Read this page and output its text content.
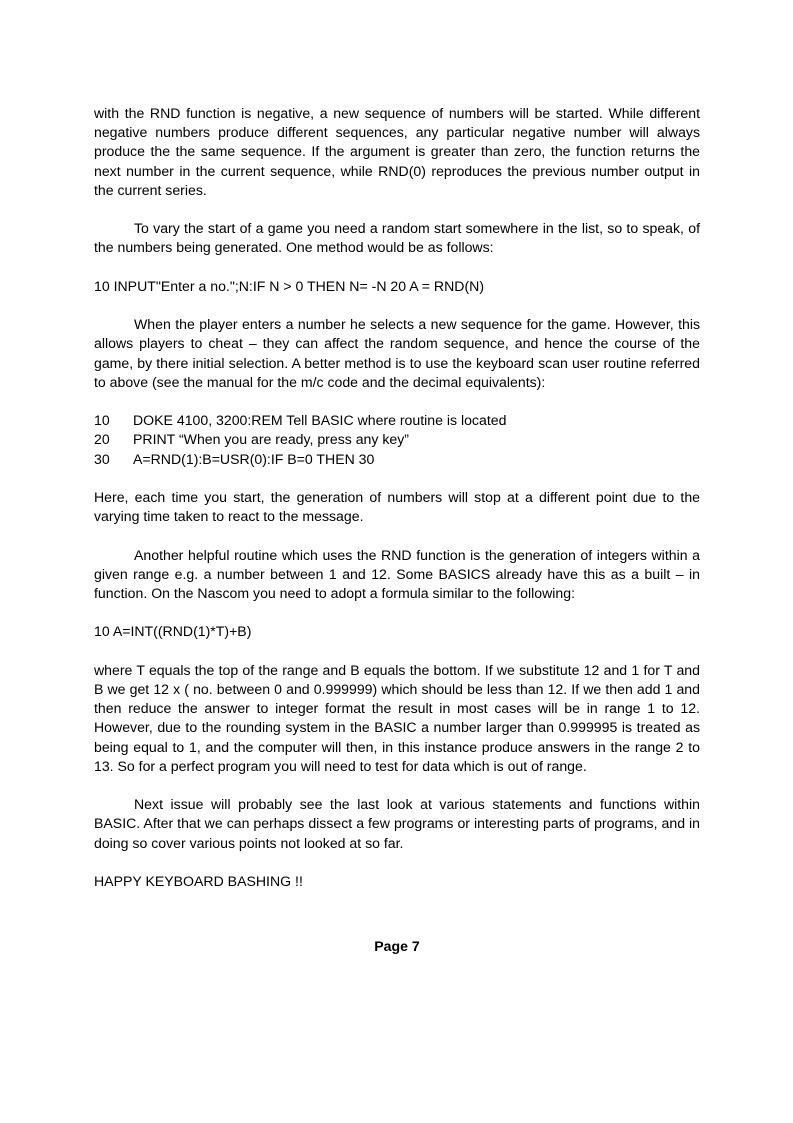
with the RND function is negative, a new sequence of numbers will be started. While different negative numbers produce different sequences, any particular negative number will always produce the the same sequence. If the argument is greater than zero, the function returns the next number in the current sequence, while RND(0) reproduces the previous number output in the current series.

To vary the start of a game you need a random start somewhere in the list, so to speak, of the numbers being generated. One method would be as follows:

10 INPUT"Enter a no.";N:IF N > 0 THEN N= -N 20 A = RND(N)

When the player enters a number he selects a new sequence for the game. However, this allows players to cheat – they can affect the random sequence, and hence the course of the game, by there initial selection. A better method is to use the keyboard scan user routine referred to above (see the manual for the m/c code and the decimal equivalents):

10	DOKE 4100, 3200:REM Tell BASIC where routine is located
20	PRINT “When you are ready, press any key”
30	A=RND(1):B=USR(0):IF B=0 THEN 30

Here, each time you start, the generation of numbers will stop at a different point due to the varying time taken to react to the message.

Another helpful routine which uses the RND function is the generation of integers within a given range e.g. a number between 1 and 12. Some BASICS already have this as a built – in function. On the Nascom you need to adopt a formula similar to the following:

10 A=INT((RND(1)*T)+B)

where T equals the top of the range and B equals the bottom. If we substitute 12 and 1 for T and B we get 12 x ( no. between 0 and 0.999999) which should be less than 12. If we then add 1 and then reduce the answer to integer format the result in most cases will be in range 1 to 12. However, due to the rounding system in the BASIC a number larger than 0.999995 is treated as being equal to 1, and the computer will then, in this instance produce answers in the range 2 to 13. So for a perfect program you will need to test for data which is out of range.

Next issue will probably see the last look at various statements and functions within BASIC. After that we can perhaps dissect a few programs or interesting parts of programs, and in doing so cover various points not looked at so far.

HAPPY KEYBOARD BASHING !!

Page 7
